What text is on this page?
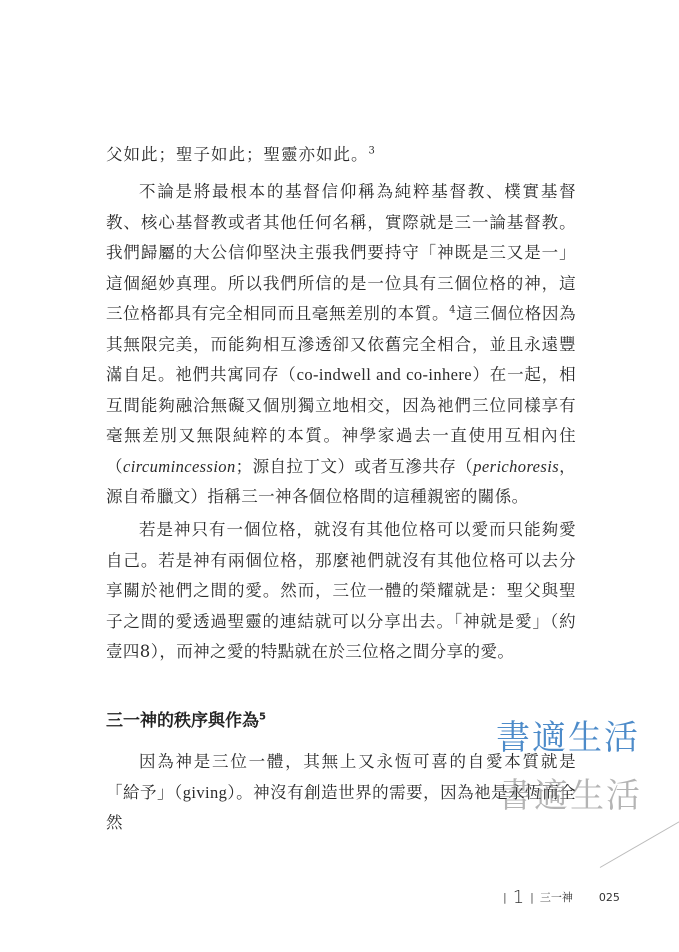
父如此；聖子如此；聖靈亦如此。$^3$

不論是將最根本的基督信仰稱為純粹基督教、樸實基督教、核心基督教或者其他任何名稱，實際就是三一論基督教。我們歸屬的大公信仰堅決主張我們要持守「神既是三又是一」這個絕妙真理。所以我們所信的是一位具有三個位格的神，這三位格都具有完全相同而且毫無差別的本質。$^4$這三個位格因為其無限完美，而能夠相互滲透卻又依舊完全相合，並且永遠豐滿自足。祂們共寓同存（co-indwell and co-inhere）在一起，相互間能夠融洽無礙又個別獨立地相交，因為祂們三位同樣享有毫無差別又無限純粹的本質。神學家過去一直使用互相內住（circumincession；源自拉丁文）或者互滲共存（perichoresis，源自希臘文）指稱三一神各個位格間的這種親密的關係。

若是神只有一個位格，就沒有其他位格可以愛而只能夠愛自己。若是神有兩個位格，那麼祂們就沒有其他位格可以去分享關於祂們之間的愛。然而，三位一體的榮耀就是：聖父與聖子之間的愛透過聖靈的連結就可以分享出去。「神就是愛」（約壹四8），而神之愛的特點就在於三位格之間分享的愛。

三一神的秩序與作為$^5$

因為神是三位一體，其無上又永恆可喜的自愛本質就是「給予」（giving）。神沒有創造世界的需要，因為祂是永恆而全然

書適生活
書適生活
| 1 | 三一神 025
